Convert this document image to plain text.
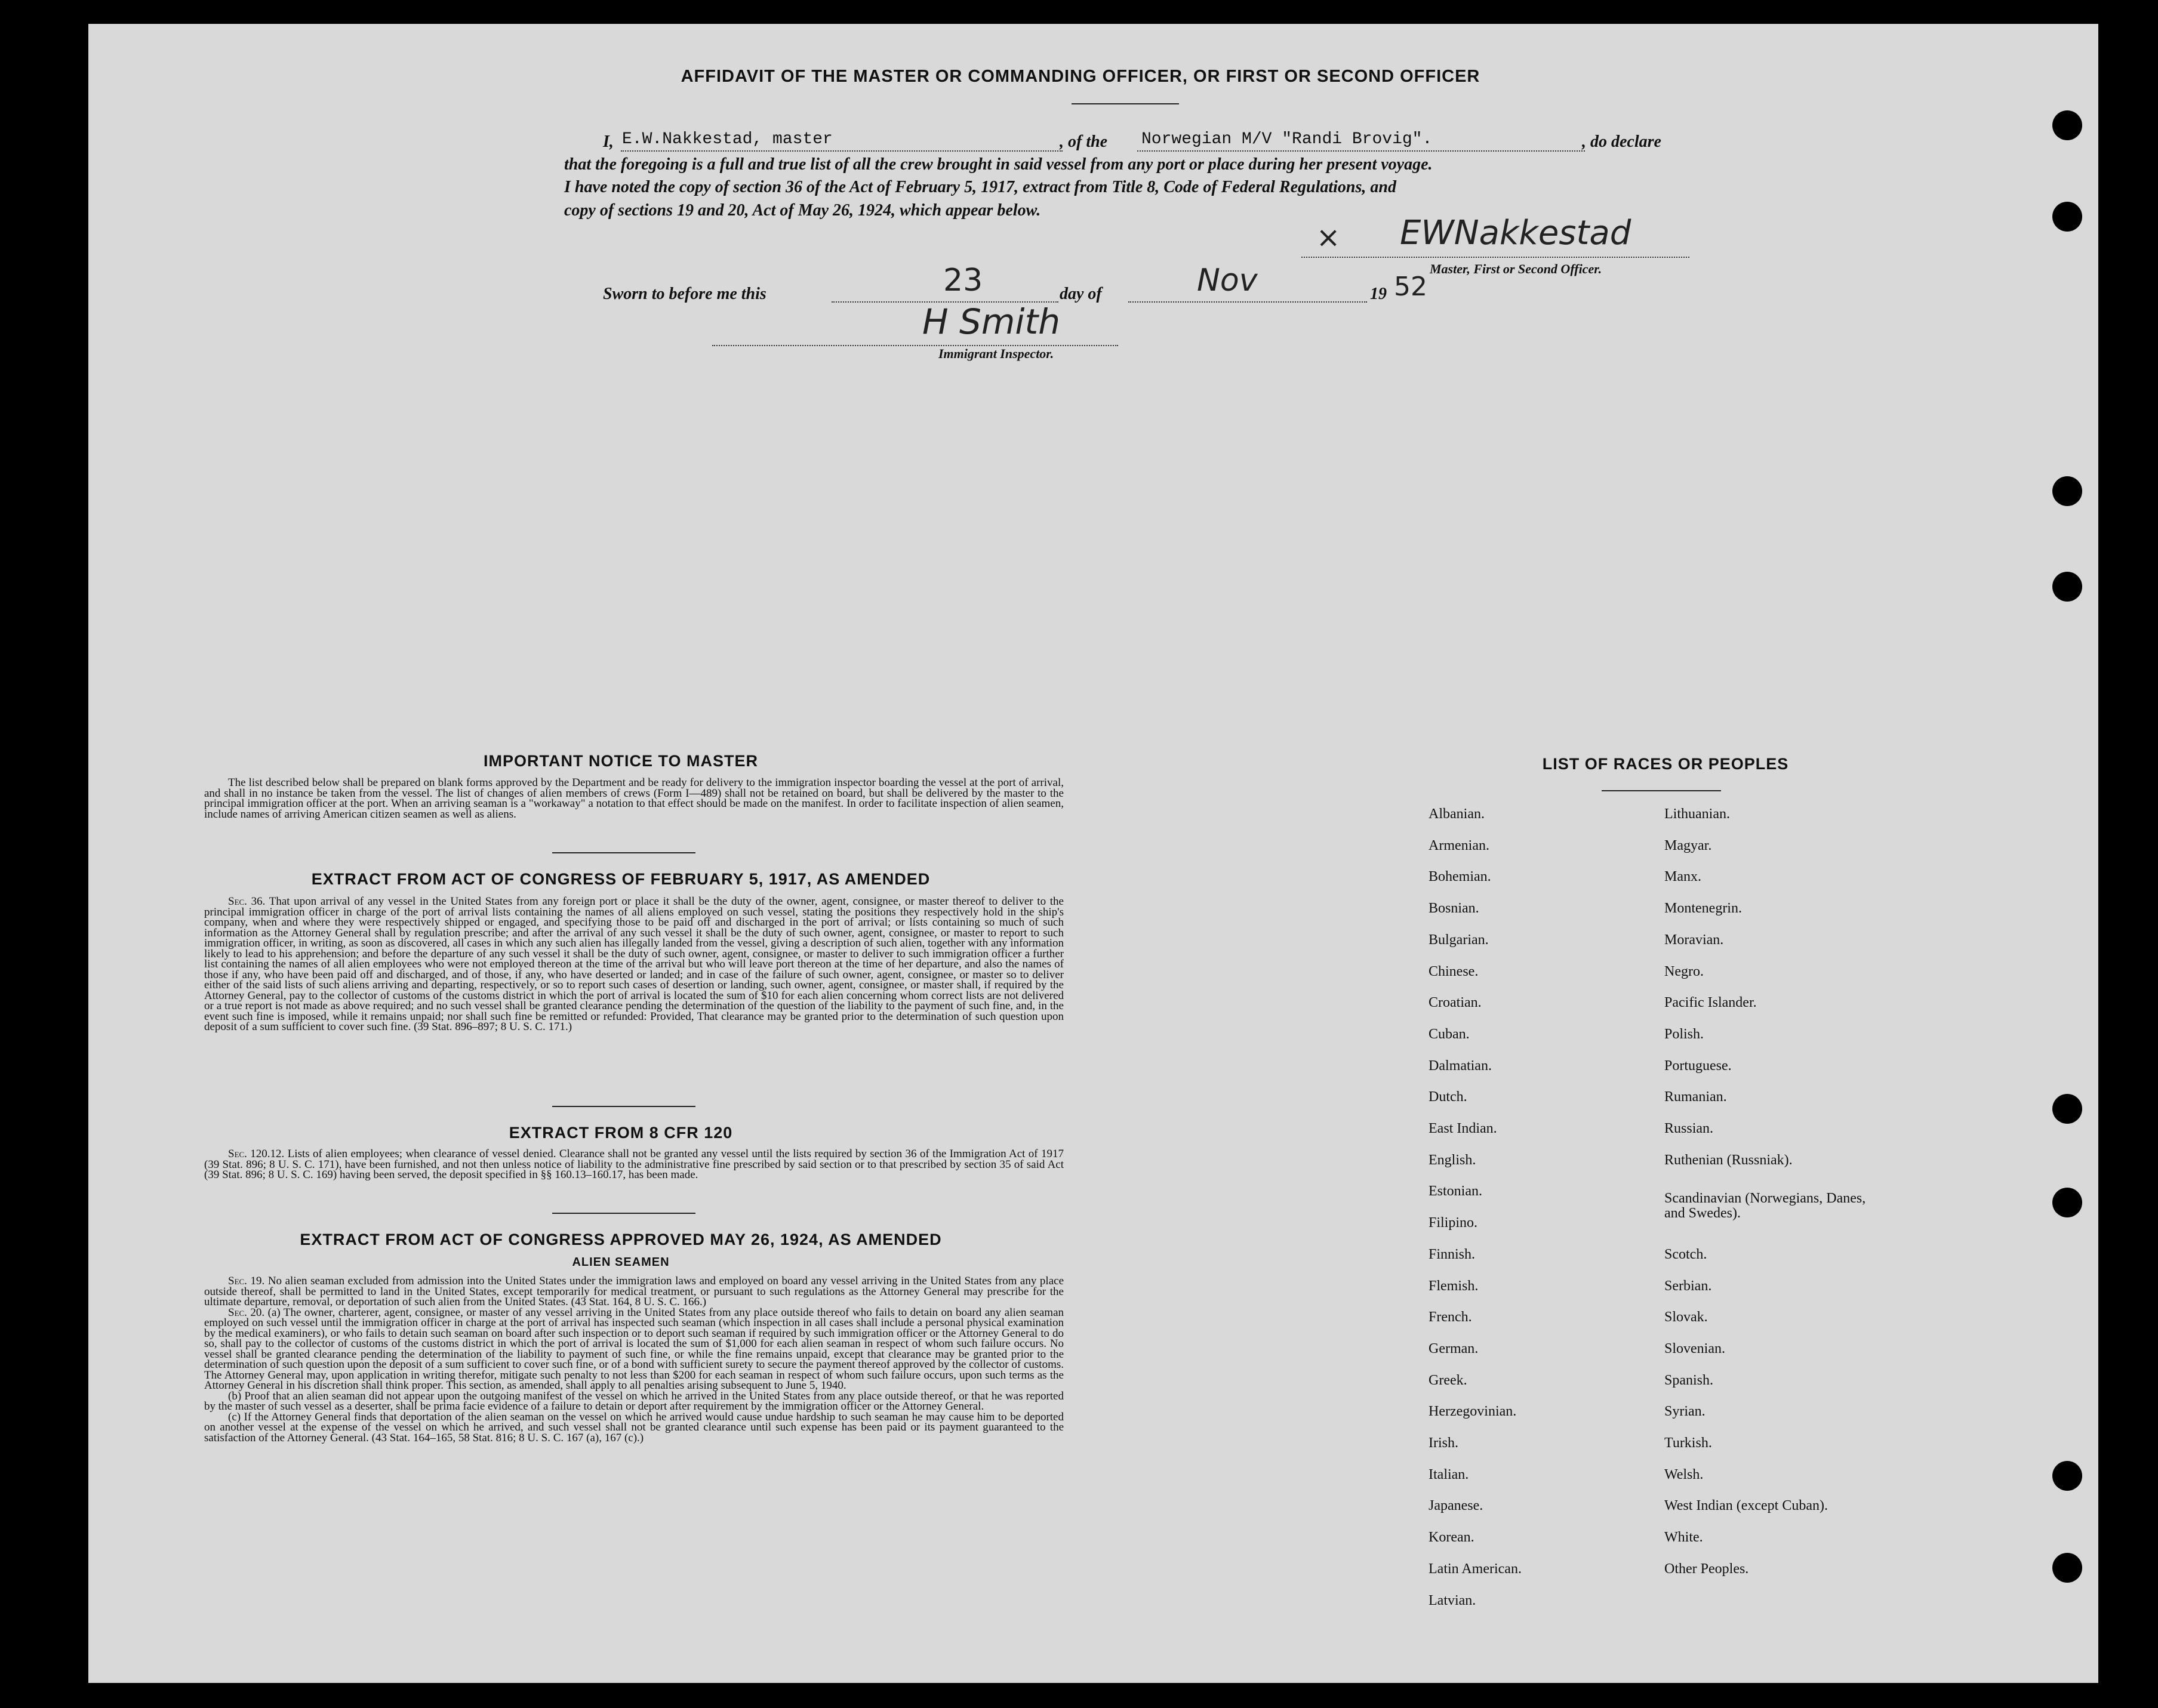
AFFIDAVIT OF THE MASTER OR COMMANDING OFFICER, OR FIRST OR SECOND OFFICER
I, E.W.Nakkestad, master	, of the Norwegian M/V "Randi Brovig".	, do declare
that the foregoing is a full and true list of all the crew brought in said vessel from any port or place during her present voyage.
I have noted the copy of section 36 of the Act of February 5, 1917, extract from Title 8, Code of Federal Regulations, and
copy of sections 19 and 20, Act of May 26, 1924, which appear below.
× EWNakkestad
Master, First or Second Officer.
Sworn to before me this	23	day of	Nov	19 52
H Smith
Immigrant Inspector.
IMPORTANT NOTICE TO MASTER
The list described below shall be prepared on blank forms approved by the Department and be ready for delivery to the immigration inspector boarding the vessel at the port of arrival, and shall in no instance be taken from the vessel. The list of changes of alien members of crews (Form I—489) shall not be retained on board, but shall be delivered by the master to the principal immigration officer at the port. When an arriving seaman is a "workaway" a notation to that effect should be made on the manifest. In order to facilitate inspection of alien seamen, include names of arriving American citizen seamen as well as aliens.
EXTRACT FROM ACT OF CONGRESS OF FEBRUARY 5, 1917, AS AMENDED
Sec. 36. That upon arrival of any vessel in the United States from any foreign port or place it shall be the duty of the owner, agent, consignee, or master thereof to deliver to the principal immigration officer in charge of the port of arrival lists containing the names of all aliens employed on such vessel, stating the positions they respectively hold in the ship's company, when and where they were respectively shipped or engaged, and specifying those to be paid off and discharged in the port of arrival; or lists containing so much of such information as the Attorney General shall by regulation prescribe; and after the arrival of any such vessel it shall be the duty of such owner, agent, consignee, or master to report to such immigration officer, in writing, as soon as discovered, all cases in which any such alien has illegally landed from the vessel, giving a description of such alien, together with any information likely to lead to his apprehension; and before the departure of any such vessel it shall be the duty of such owner, agent, consignee, or master to deliver to such immigration officer a further list containing the names of all alien employees who were not employed thereon at the time of the arrival but who will leave port thereon at the time of her departure, and also the names of those if any, who have been paid off and discharged, and of those, if any, who have deserted or landed; and in case of the failure of such owner, agent, consignee, or master so to deliver either of the said lists of such aliens arriving and departing, respectively, or so to report such cases of desertion or landing, such owner, agent, consignee, or master shall, if required by the Attorney General, pay to the collector of customs of the customs district in which the port of arrival is located the sum of $10 for each alien concerning whom correct lists are not delivered or a true report is not made as above required; and no such vessel shall be granted clearance pending the determination of the question of the liability to the payment of such fine, and, in the event such fine is imposed, while it remains unpaid; nor shall such fine be remitted or refunded: Provided, That clearance may be granted prior to the determination of such question upon deposit of a sum sufficient to cover such fine. (39 Stat. 896–897; 8 U. S. C. 171.)
EXTRACT FROM 8 CFR 120
Sec. 120.12. Lists of alien employees; when clearance of vessel denied. Clearance shall not be granted any vessel until the lists required by section 36 of the Immigration Act of 1917 (39 Stat. 896; 8 U. S. C. 171), have been furnished, and not then unless notice of liability to the administrative fine prescribed by said section or to that prescribed by section 35 of said Act (39 Stat. 896; 8 U. S. C. 169) having been served, the deposit specified in §§ 160.13–160.17, has been made.
EXTRACT FROM ACT OF CONGRESS APPROVED MAY 26, 1924, AS AMENDED
ALIEN SEAMEN
Sec. 19. No alien seaman excluded from admission into the United States under the immigration laws and employed on board any vessel arriving in the United States from any place outside thereof, shall be permitted to land in the United States, except temporarily for medical treatment, or pursuant to such regulations as the Attorney General may prescribe for the ultimate departure, removal, or deportation of such alien from the United States. (43 Stat. 164, 8 U. S. C. 166.)
Sec. 20. (a) The owner, charterer, agent, consignee, or master of any vessel arriving in the United States from any place outside thereof who fails to detain on board any alien seaman employed on such vessel until the immigration officer in charge at the port of arrival has inspected such seaman (which inspection in all cases shall include a personal physical examination by the medical examiners), or who fails to detain such seaman on board after such inspection or to deport such seaman if required by such immigration officer or the Attorney General to do so, shall pay to the collector of customs of the customs district in which the port of arrival is located the sum of $1,000 for each alien seaman in respect of whom such failure occurs. No vessel shall be granted clearance pending the determination of the liability to payment of such fine, or while the fine remains unpaid, except that clearance may be granted prior to the determination of such question upon the deposit of a sum sufficient to cover such fine, or of a bond with sufficient surety to secure the payment thereof approved by the collector of customs. The Attorney General may, upon application in writing therefor, mitigate such penalty to not less than $200 for each seaman in respect of whom such failure occurs, upon such terms as the Attorney General in his discretion shall think proper. This section, as amended, shall apply to all penalties arising subsequent to June 5, 1940.
(b) Proof that an alien seaman did not appear upon the outgoing manifest of the vessel on which he arrived in the United States from any place outside thereof, or that he was reported by the master of such vessel as a deserter, shall be prima facie evidence of a failure to detain or deport after requirement by the immigration officer or the Attorney General.
(c) If the Attorney General finds that deportation of the alien seaman on the vessel on which he arrived would cause undue hardship to such seaman he may cause him to be deported on another vessel at the expense of the vessel on which he arrived, and such vessel shall not be granted clearance until such expense has been paid or its payment guaranteed to the satisfaction of the Attorney General. (43 Stat. 164–165, 58 Stat. 816; 8 U. S. C. 167 (a), 167 (c).)
LIST OF RACES OR PEOPLES
Albanian.
Armenian.
Bohemian.
Bosnian.
Bulgarian.
Chinese.
Croatian.
Cuban.
Dalmatian.
Dutch.
East Indian.
English.
Estonian.
Filipino.
Finnish.
Flemish.
French.
German.
Greek.
Herzegovinian.
Irish.
Italian.
Japanese.
Korean.
Latin American.
Latvian.
Lithuanian.
Magyar.
Manx.
Montenegrin.
Moravian.
Negro.
Pacific Islander.
Polish.
Portuguese.
Rumanian.
Russian.
Ruthenian (Russniak).
Scandinavian (Norwegians, Danes, and Swedes).
Scotch.
Serbian.
Slovak.
Slovenian.
Spanish.
Syrian.
Turkish.
Welsh.
West Indian (except Cuban).
White.
Other Peoples.
